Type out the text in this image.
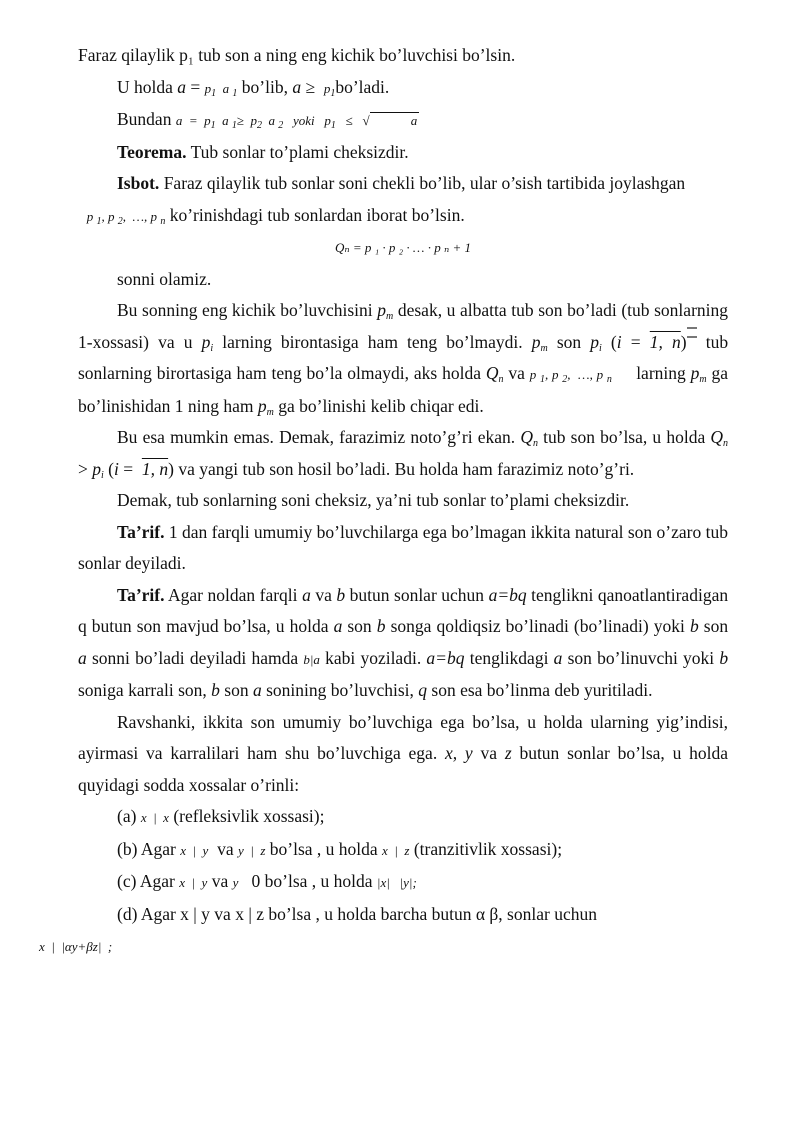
Faraz qilaylik p₁ tub son a ning eng kichik bo’luvchisi bo’lsin.
U holda $a = p_1$  a $_1$ bo’lib, $a \ge p_1bo’ladi$.
Bundan $a = p_1$  a $_1\ge p_2$  a $_2$   yoki   $p_1$   ≤   √	a
Teorema. Tub sonlar to’plami cheksizdir.
Isbot. Faraz qilaylik tub sonlar soni chekli bo’lib, ular o’sish tartibida joylashgan
p $_1$, p $_2$,  …, p $_n$ ko’rinishdagi tub sonlardan iborat bo’lsin.
Qₙ = p ₁ · p ₂ · … · p ₙ + 1
sonni olamiz.
Bu sonning eng kichik bo’luvchisini $p_m$ desak, u albatta tub son bo’ladi (tub sonlarning 1-xossasi) va u $p_i$ larning birontasiga ham teng bo’lmaydi. $p_m$ son $p_i$ (i = 1, n) tub sonlarning birortasiga ham teng bo’la olmaydi, aks holda $Q_n$ va p $_1$, p $_2$,  …, p $_n$ larning $p_m$ ga bo’linishidan 1 ning ham $p_m$ ga bo’linishi kelib chiqar edi.
Bu esa mumkin emas. Demak, farazimiz noto’g’ri ekan. $Q_n$ tub son bo’lsa, u holda $Q_n > p_i$ (i =  1, n) va yangi tub son hosil bo’ladi. Bu holda ham farazimiz noto’g’ri.
Demak, tub sonlarning soni cheksiz, ya’ni tub sonlar to’plami cheksizdir.
Ta’rif. 1 dan farqli umumiy bo’luvchilarga ega bo’lmagan ikkita natural son o’zaro tub sonlar deyiladi.
Ta’rif. Agar noldan farqli a va b butun sonlar uchun a=bq tenglikni qanoatlantiradigan q butun son mavjud bo’lsa, u holda a son b songa qoldiqsiz bo’linadi (bo’linadi) yoki b son a sonni bo’ladi deyiladi hamda b|a kabi yoziladi. a=bq tenglikdagi a son bo’linuvchi yoki b soniga karrali son, b son a sonining bo’luvchisi, q son esa bo’linma deb yuritiladi.
Ravshanki, ikkita son umumiy bo’luvchiga ega bo’lsa, u holda ularning yig’indisi, ayirmasi va karralilari ham shu bo’luvchiga ega. x, y va z butun sonlar bo’lsa, u holda quyidagi sodda xossalar o’rinli:
(a) x  |  x (refleksivlik xossasi);
(b) Agar x  |  y va y  |  z bo’lsa , u holda x  |  z (tranzitivlik xossasi);
(c) Agar x  |  y va y 0 bo’lsa , u holda |x|   |y|;
(d) Agar x | y va x | z bo’lsa , u holda barcha butun α β, sonlar uchun
x  |  |αy+βz|  ;
